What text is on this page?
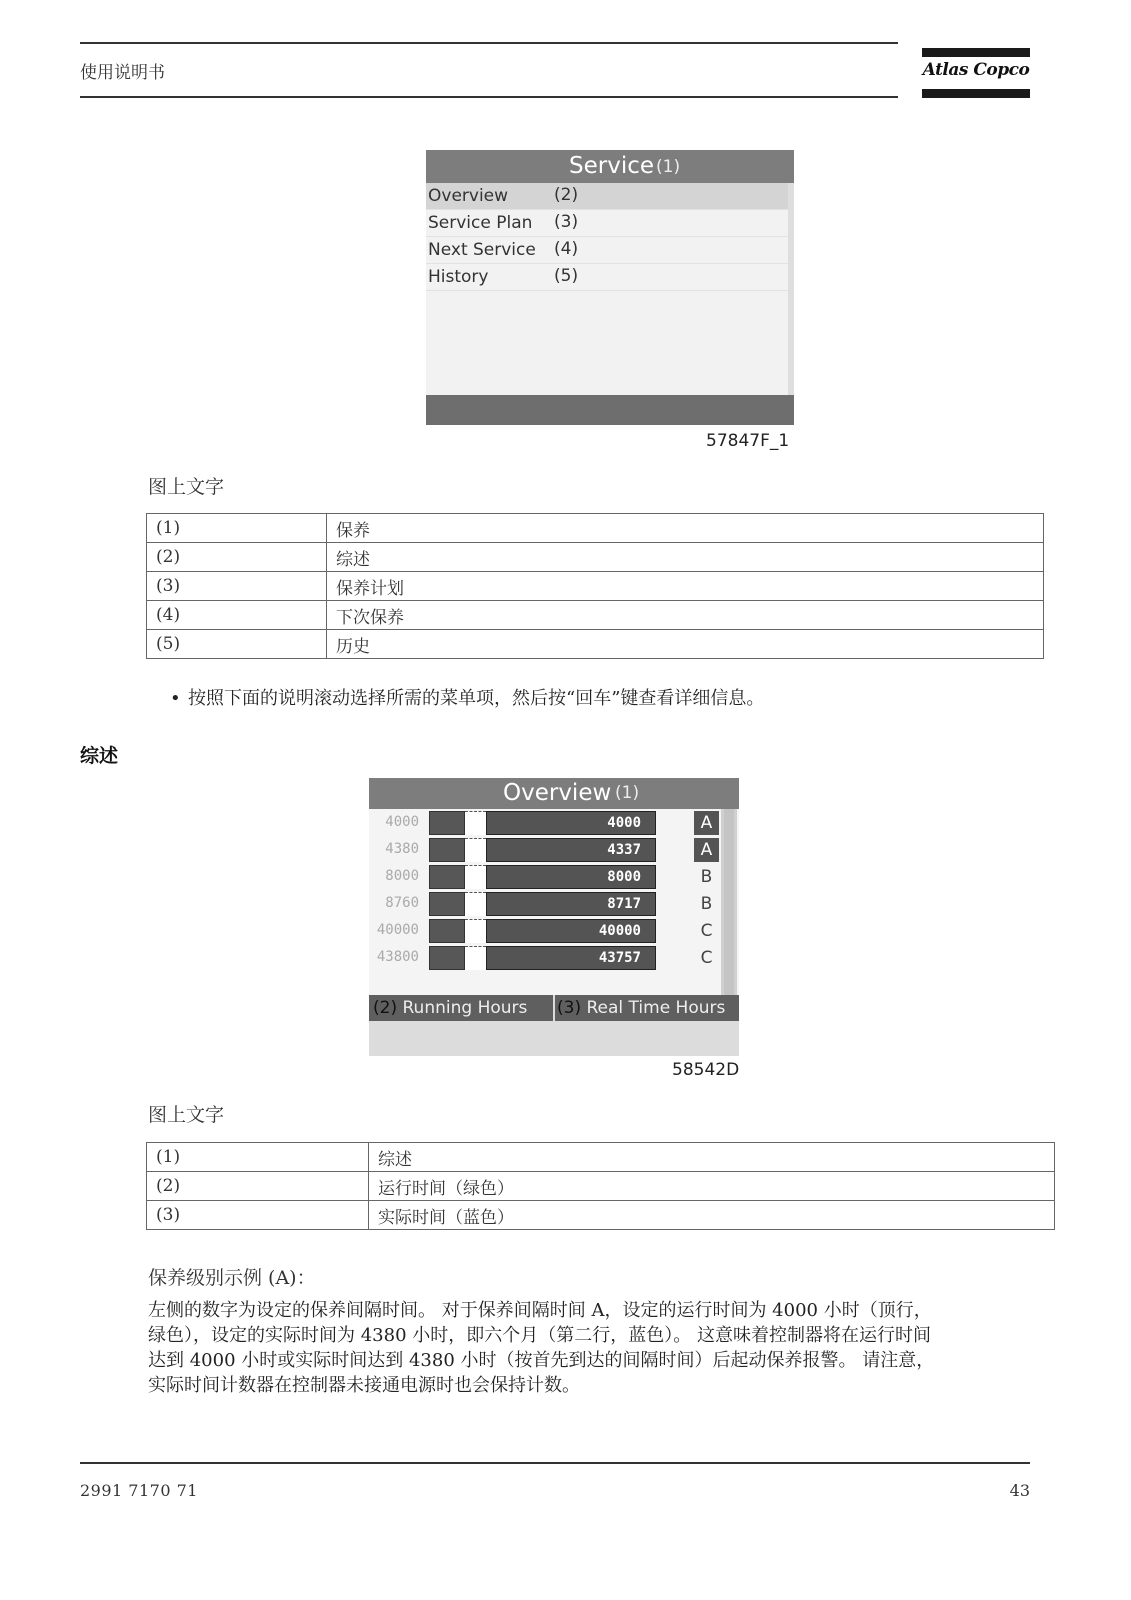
使用说明书	Atlas Copco
Service (1)
Overview	(2)
Service Plan (3)
Next Service (4)
History	(5)
57847F_1
图上文字
(1)	保养
(2)	综述
(3)	保养计划
(4)	下次保养
(5)	历史
• 按照下面的说明滚动选择所需的菜单项，然后按“回车”键查看详细信息。
综述
Overview (1)
4000	4000	A
4380	4337	A
8000	8000	B
8760	8717	B
40000	40000	C
43800	43757	C
(2) Running Hours	(3) Real Time Hours
58542D
图上文字
(1)	综述
(2)	运行时间（绿色）
(3)	实际时间（蓝色）
保养级别示例 (A)：
左侧的数字为设定的保养间隔时间。 对于保养间隔时间 A，设定的运行时间为 4000 小时（顶行，
绿色），设定的实际时间为 4380 小时，即六个月（第二行，蓝色）。 这意味着控制器将在运行时间
达到 4000 小时或实际时间达到 4380 小时（按首先到达的间隔时间）后起动保养报警。 请注意，
实际时间计数器在控制器未接通电源时也会保持计数。
2991 7170 71	43
